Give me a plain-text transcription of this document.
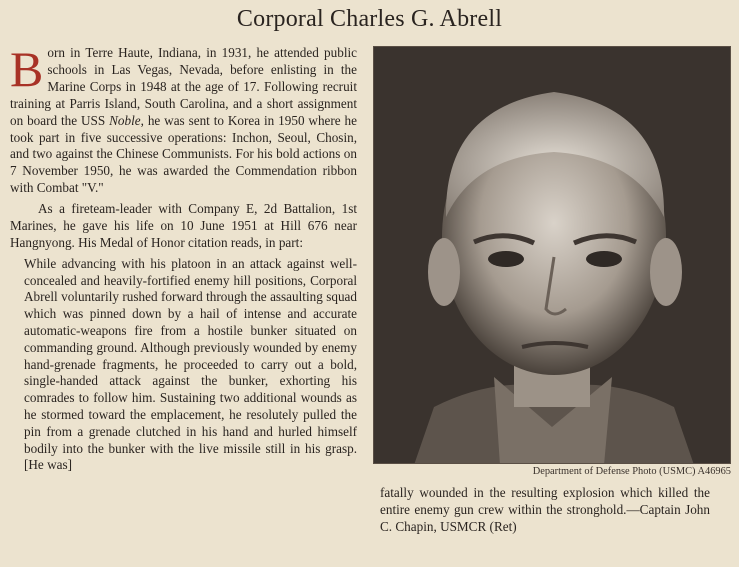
Corporal Charles G. Abrell

Born in Terre Haute, Indiana, in 1931, he attended public schools in Las Vegas, Nevada, before enlisting in the Marine Corps in 1948 at the age of 17. Following recruit training at Parris Island, South Carolina, and a short assignment on board the USS Noble, he was sent to Korea in 1950 where he took part in five successive operations: Inchon, Seoul, Chosin, and two against the Chinese Communists. For his bold actions on 7 November 1950, he was awarded the Commendation ribbon with Combat "V."

As a fireteam-leader with Company E, 2d Battalion, 1st Marines, he gave his life on 10 June 1951 at Hill 676 near Hangnyong. His Medal of Honor citation reads, in part:

While advancing with his platoon in an attack against well-concealed and heavily-fortified enemy hill positions, Corporal Abrell voluntarily rushed forward through the assaulting squad which was pinned down by a hail of intense and accurate automatic-weapons fire from a hostile bunker situated on commanding ground. Although previously wounded by enemy hand-grenade fragments, he proceeded to carry out a bold, single-handed attack against the bunker, exhorting his comrades to follow him. Sustaining two additional wounds as he stormed toward the emplacement, he resolutely pulled the pin from a grenade clutched in his hand and hurled himself bodily into the bunker with the live missile still in his grasp. [He was]	Department of Defense Photo (USMC) A46965

fatally wounded in the resulting explosion which killed the entire enemy gun crew within the stronghold.—Captain John C. Chapin, USMCR (Ret)
